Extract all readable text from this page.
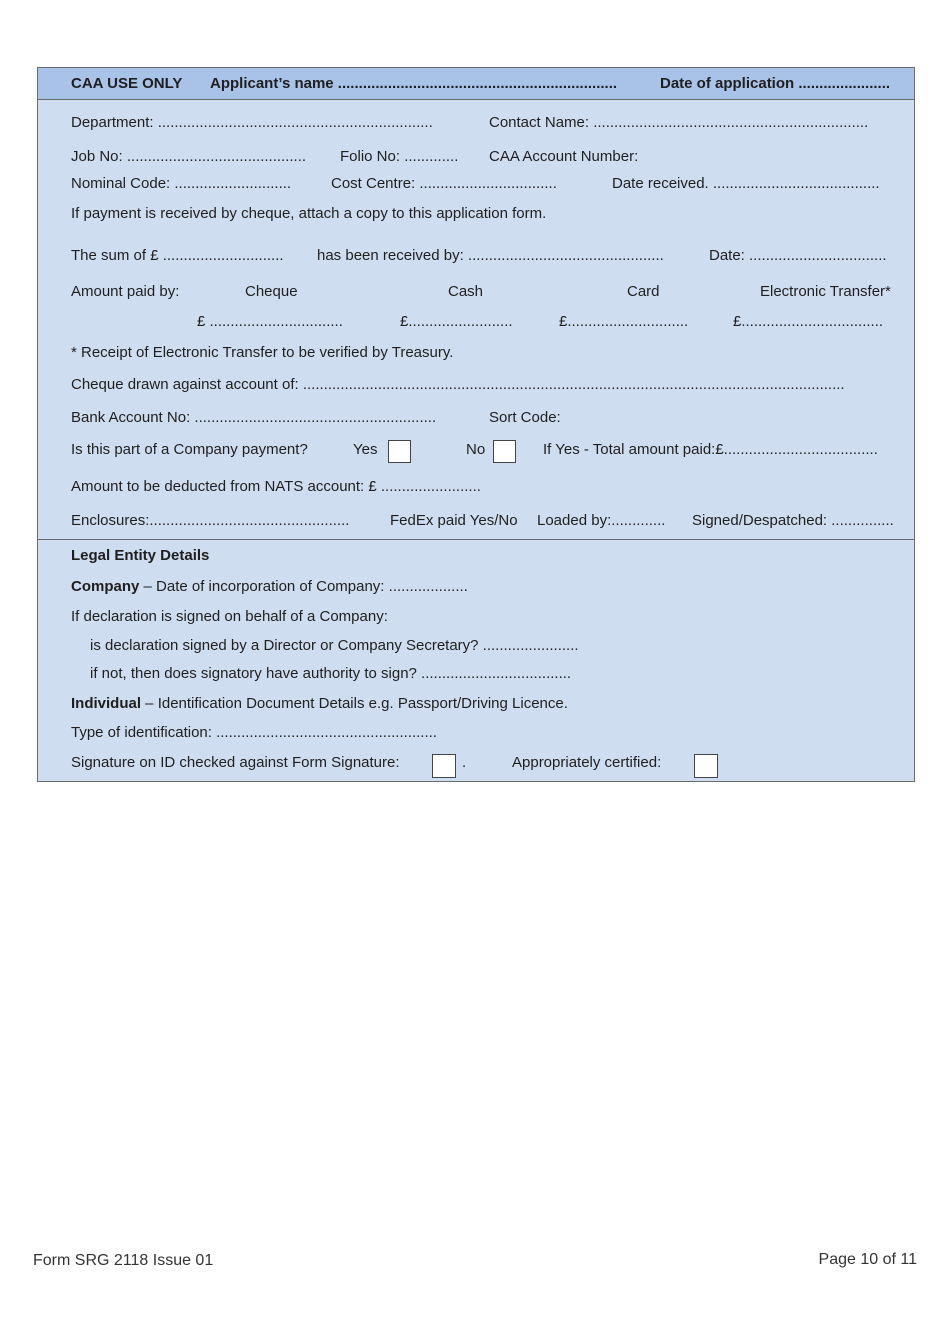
CAA USE ONLY Applicant’s name ...................................................................	Date of application ......................
Department: ..................................................................	Contact Name: ..................................................................
Job No: ........................................... Folio No: ............. CAA Account Number:
Nominal Code: ............................	Cost Centre: .................................	Date received. ........................................
If payment is received by cheque, attach a copy to this application form.
The sum of £ ............................. has been received by: ...............................................	Date: .................................
Amount paid by:	Cheque	Cash	Card	Electronic Transfer*
£ ................................	£.........................	£.............................	£..................................
* Receipt of Electronic Transfer to be verified by Treasury.
Cheque drawn against account of: ..................................................................................................................................
Bank Account No: ..........................................................	Sort Code:
Is this part of a Company payment?	Yes	No	If Yes - Total amount paid:£.....................................
Amount to be deducted from NATS account: £ ........................
Enclosures:................................................	FedEx paid Yes/No Loaded by:............. Signed/Despatched: ...............
Legal Entity Details
Company – Date of incorporation of Company: ...................
If declaration is signed on behalf of a Company:
is declaration signed by a Director or Company Secretary? .......................
if not, then does signatory have authority to sign? ....................................
Individual – Identification Document Details e.g. Passport/Driving Licence.
Type of identification: .....................................................
Signature on ID checked against Form Signature:	.	Appropriately certified:
Form SRG 2118 Issue 01	Page 10 of 11
